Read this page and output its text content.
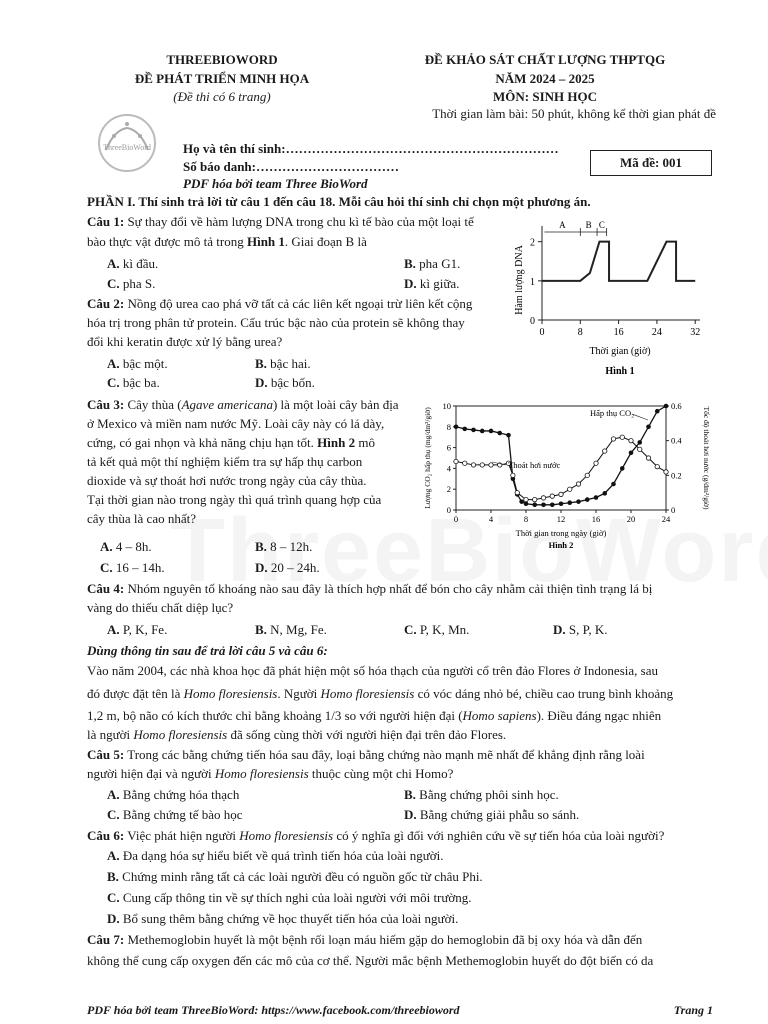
THREEBIOWORD
ĐỀ PHÁT TRIỂN MINH HỌA
(Đề thi có 6 trang)
ĐỀ KHẢO SÁT CHẤT LƯỢNG THPTQG
NĂM 2024 – 2025
MÔN: SINH HỌC
Thời gian làm bài: 50 phút, không kể thời gian phát đề
ThreeBioWord Họ và tên thí sinh:………………………………………………………
Số báo danh:……………………………
PDF hóa bởi team Three BioWord
Mã đề: 001
PHẦN I. Thí sinh trả lời từ câu 1 đến câu 18. Mỗi câu hỏi thí sinh chỉ chọn một phương án.
Câu 1: Sự thay đổi về hàm lượng DNA trong chu kì tế bào của một loại tế
bào thực vật được mô tả trong Hình 1. Giai đoạn B là
A. kì đầu.	B. pha G1.
C. pha S.	D. kì giữa.
0	8	16	24	32
0
1
2
A B C
Hàm lượng DNA
Thời gian (giờ)
Hình 1
Câu 2: Nồng độ urea cao phá vỡ tất cả các liên kết ngoại trừ liên kết cộng
hóa trị trong phân tử protein. Cấu trúc bậc nào của protein sẽ không thay
đổi khi keratin được xử lý bằng urea?
A. bậc một.	B. bậc hai.
C. bậc ba.	D. bậc bốn.
Câu 3: Cây thùa (Agave americana) là một loài cây bản địa
ở Mexico và miền nam nước Mỹ. Loài cây này có lá dày,
cứng, có gai nhọn và khả năng chịu hạn tốt. Hình 2 mô
tả kết quả một thí nghiệm kiểm tra sự hấp thụ carbon
dioxide và sự thoát hơi nước trong ngày của cây thùa.
Tại thời gian nào trong ngày thì quá trình quang hợp của
cây thùa là cao nhất?
A. 4 – 8h.	B. 8 – 12h.
C. 16 – 14h.	D. 20 – 24h.
0	4	8	12	16	20	24
0
2
4
6
8
10
0
0.2
0.4
0.6
Hấp thụ CO₂
Thoát hơi nước
Lượng CO₂ hấp thụ (mg/dm²/giờ)	Tốc độ thoát hơi nước (g/dm²/giờ)
Thời gian trong ngày (giờ)
Hình 2
Câu 4: Nhóm nguyên tố khoáng nào sau đây là thích hợp nhất để bón cho cây nhằm cải thiện tình trạng lá bị
vàng do thiếu chất diệp lục?
A. P, K, Fe.	B. N, Mg, Fe.	C. P, K, Mn.	D. S, P, K.
Dùng thông tin sau để trả lời câu 5 và câu 6:
Vào năm 2004, các nhà khoa học đã phát hiện một số hóa thạch của người cổ trên đảo Flores ở Indonesia, sau
đó được đặt tên là Homo floresiensis. Người Homo floresiensis có vóc dáng nhỏ bé, chiều cao trung bình khoảng
1,2 m, bộ não có kích thước chỉ bằng khoảng 1/3 so với người hiện đại (Homo sapiens). Điều đáng ngạc nhiên
là người Homo floresiensis đã sống cùng thời với người hiện đại trên đảo Flores.
Câu 5: Trong các bằng chứng tiến hóa sau đây, loại bằng chứng nào mạnh mẽ nhất để khẳng định rằng loài
người hiện đại và người Homo floresiensis thuộc cùng một chi Homo?
A. Bằng chứng hóa thạch	B. Bằng chứng phôi sinh học.
C. Bằng chứng tế bào học	D. Bằng chứng giải phẫu so sánh.
Câu 6: Việc phát hiện người Homo floresiensis có ý nghĩa gì đối với nghiên cứu về sự tiến hóa của loài người?
A. Đa dạng hóa sự hiểu biết về quá trình tiến hóa của loài người.
B. Chứng minh rằng tất cả các loài người đều có nguồn gốc từ châu Phi.
C. Cung cấp thông tin về sự thích nghi của loài người với môi trường.
D. Bổ sung thêm bằng chứng về học thuyết tiến hóa của loài người.
Câu 7: Methemoglobin huyết là một bệnh rối loạn máu hiếm gặp do hemoglobin đã bị oxy hóa và dẫn đến
không thể cung cấp oxygen đến các mô của cơ thể. Người mắc bệnh Methemoglobin huyết do đột biến có da
PDF hóa bởi team ThreeBioWord: https://www.facebook.com/threebioword	Trang 1
